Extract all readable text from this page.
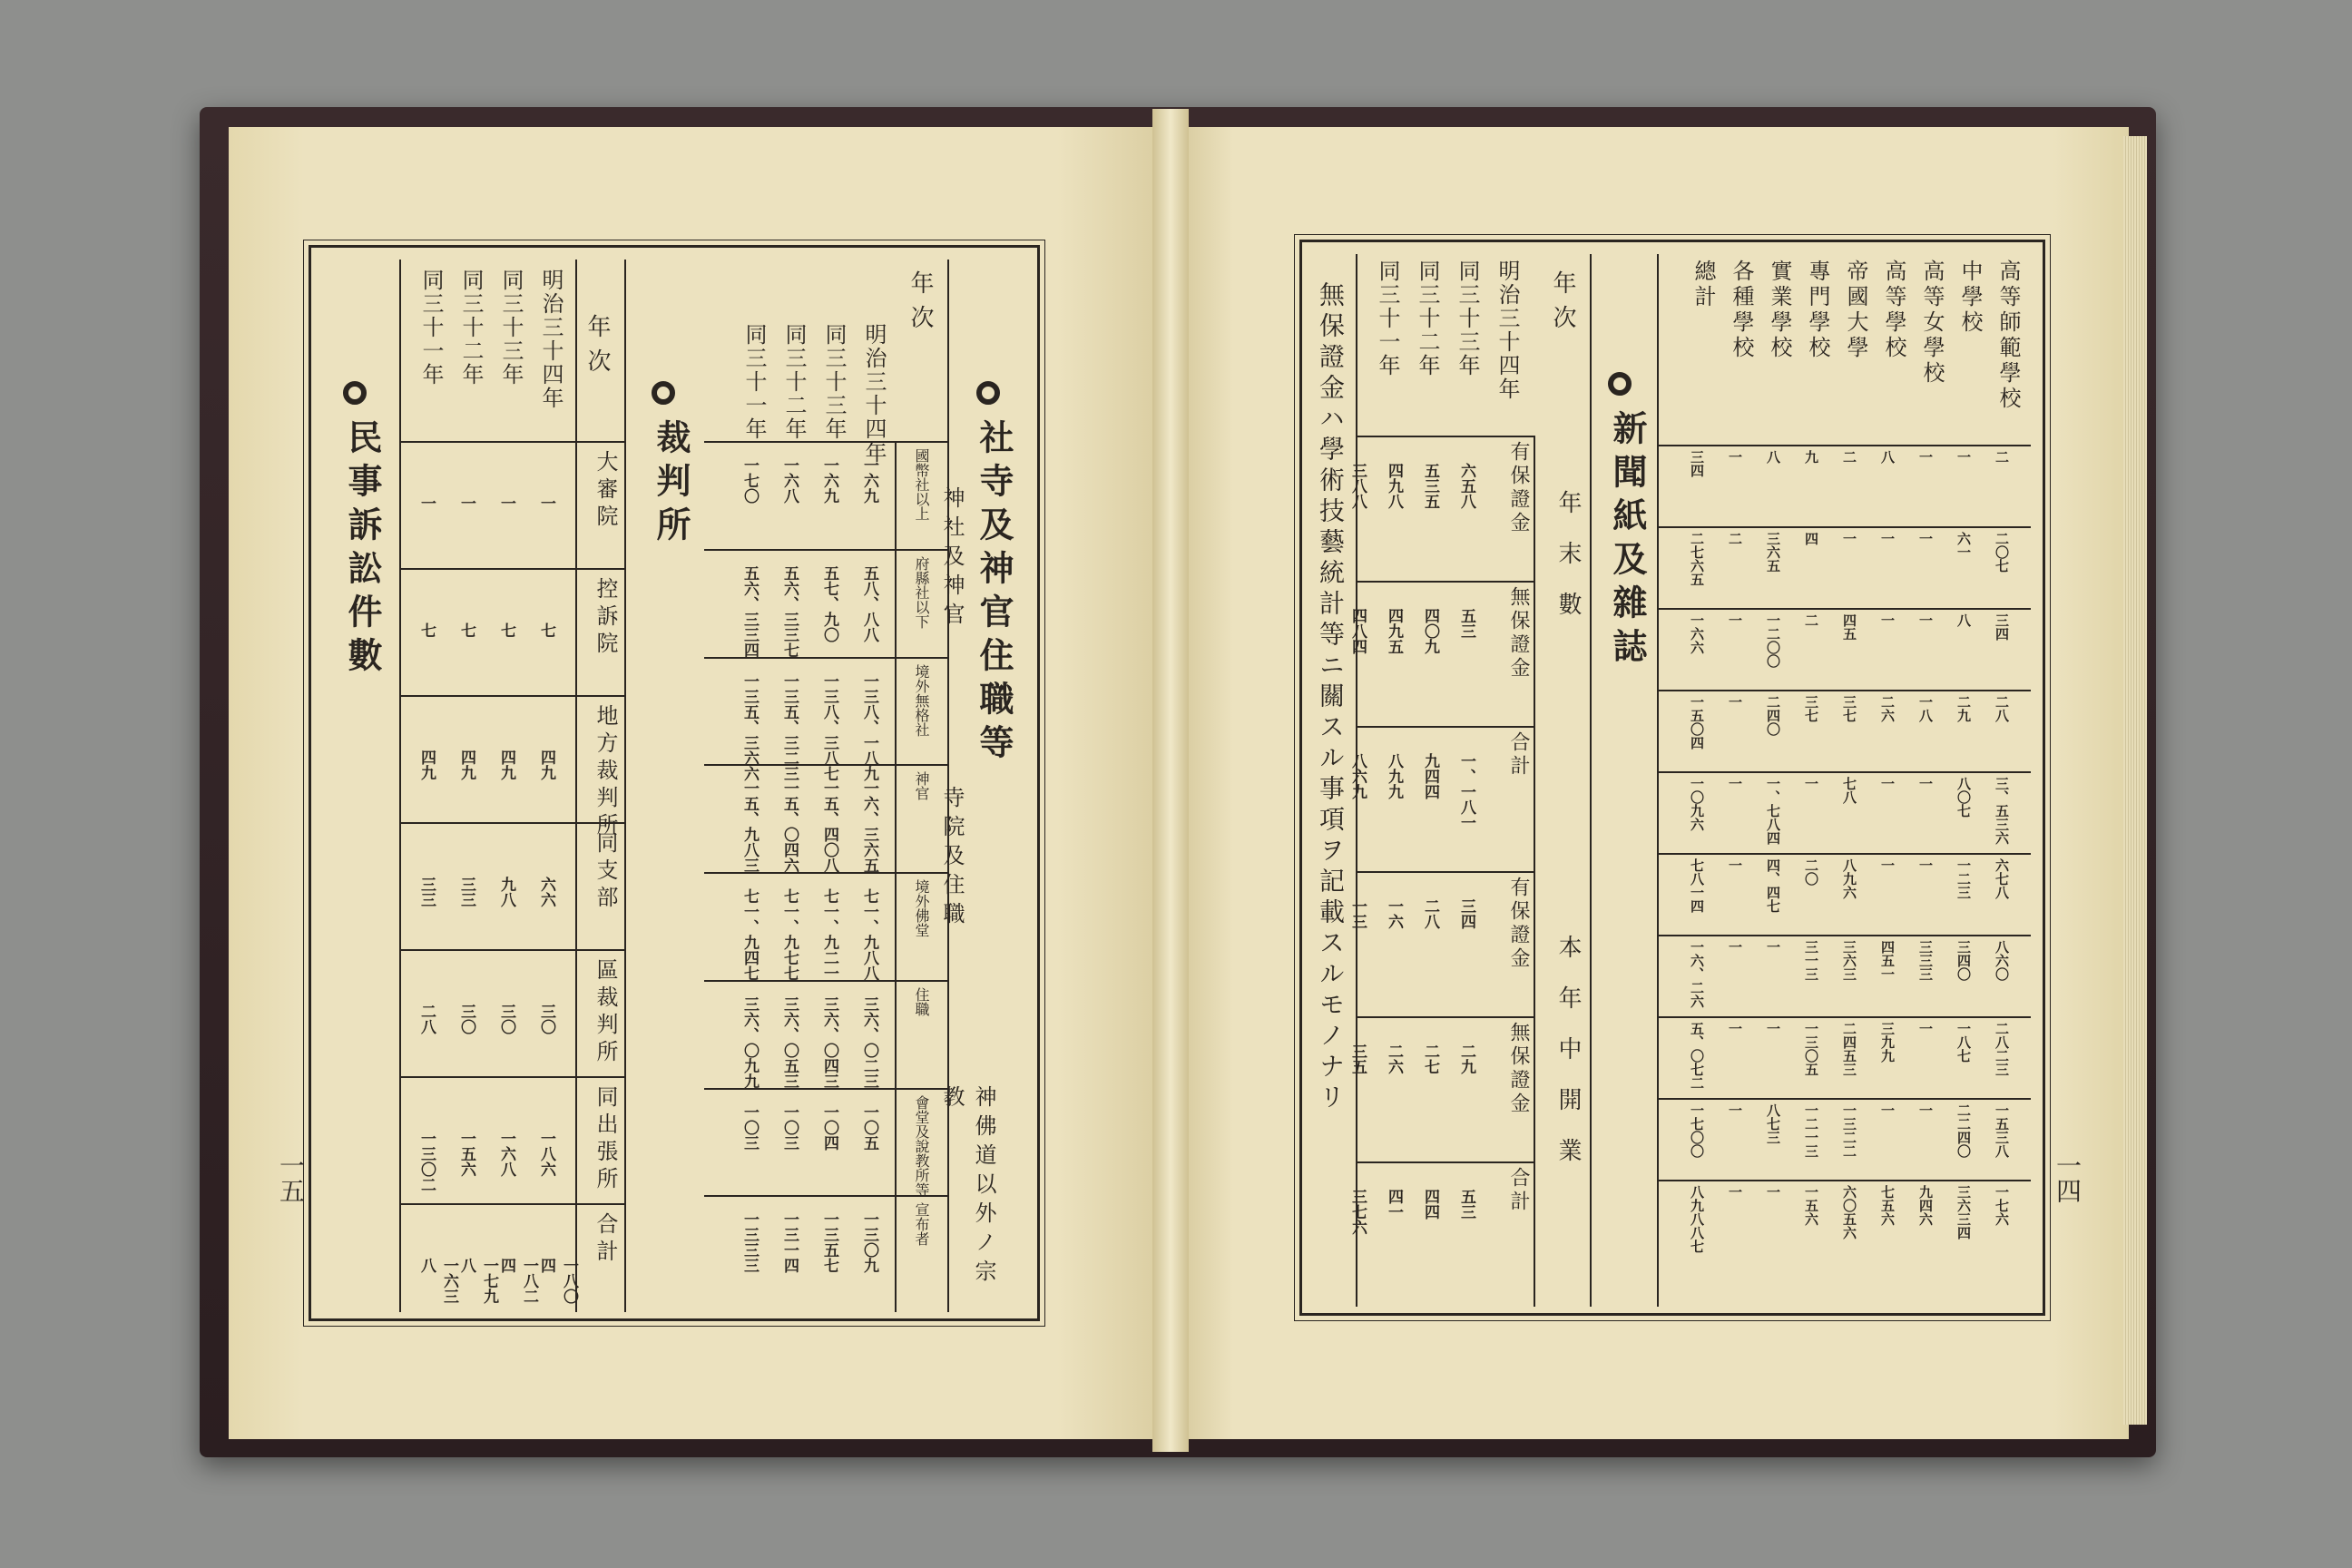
社寺及神官住職等
年次
明治三十四年
同三十三年
同三十二年
同三十一年
國幣社以上
一六九
一六九
一六八
一七〇
府縣社以下
五八、八八
五七、九〇
五六、三三七
五六、三三四
境外無格社
一三八、一八九
一三八、三八七
一三五、三二三
一三五、三六六
神官
一六、三六五
一五、四〇八
一五、〇四六
一五、九八三
境外佛堂
七一、九八八
七一、九二一
七一、九七七
七一、九四七
住職
三六、〇二三
三六、〇四三
三六、〇五三
三六、〇九九
會堂及說教所等
一〇五
一〇四
一〇三
一〇三
宣布者
一三〇九
一三五七
一三一四
一三三三
神社及神官
寺院及住職
神佛道以外ノ宗教
裁判所
年次
明治三十四年
同三十三年
同三十二年
同三十一年
大審院
一
一
一
一
控訴院
七
七
七
七
地方裁判所
四九
四九
四九
四九
同支部
六六
九八
三三
三三
區裁判所
三〇
三〇
三〇
二八
同出張所
一八六
一六八
一五六
一三〇二
合計
一八〇四
一八二四
一七九八
一六三八
民事訴訟件數
一五
高等師範學校
中學校
高等女學校
高等學校
帝國大學
專門學校
實業學校
各種學校
總計
二
一
一
八
二
九
八
一
三四
二〇七
六一
一
一
一
四
三六五
二
二七六五
三四
八
一
一
四五
二
一二〇〇
一
一六六
二八
二九
一八
二六
三七
三七
二四〇
一
一五〇四
三、五三六
八〇七
一
一
七八
一
一、七八四
一
一〇九六
六七八
一二三
一
一
八九六
二〇
四、四七
一
七八一四
八六〇
三四〇
三三三
四五一
三六三
三一三
一
一
一六、二六
二八二三
一八七
一
三九九
二四五三
一三〇五
一
一
五、〇七二
一五三八
二二四〇
一
一
一三二二
一二一三
八七三
一
一七〇〇
一七六
三六三四
九四六
七五六
六〇五六
一五六
一
一
八九八八七
新聞紙及雜誌
年次
明治三十四年
同三十三年
同三十二年
同三十一年
有保證金
六五八
五三五
四九八
三八八
無保證金
五三
四〇九
四九五
四八四
合計
一、一八一
九四四
八九九
八六九
有保證金
三四
二八
一六
一三
無保證金
二九
二七
二六
三五
合計
五三
四四
四一
三七六
年末數
本年中開業
無保證金ハ學術技藝統計等ニ關スル事項ヲ記載スルモノナリ
一四
